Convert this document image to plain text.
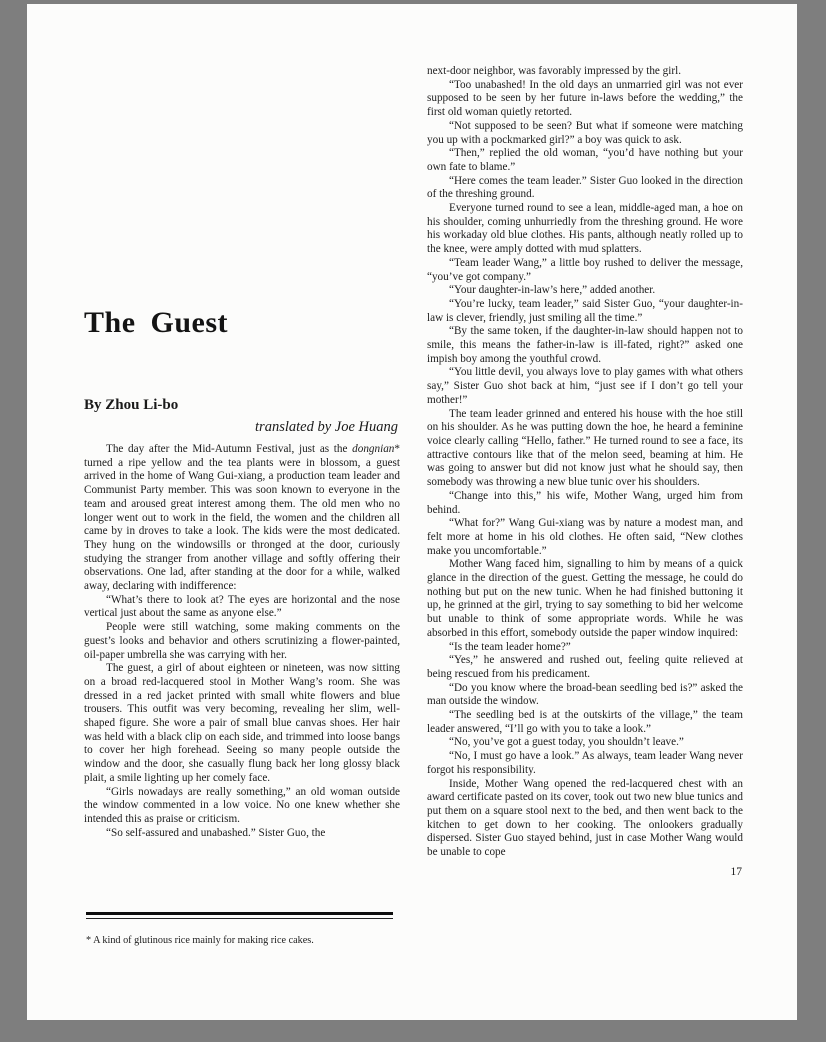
The Guest
By Zhou Li-bo
translated by Joe Huang

The day after the Mid-Autumn Festival, just as the dongnian* turned a ripe yellow and the tea plants were in blossom, a guest arrived in the home of Wang Gui-xiang, a production team leader and Communist Party member. This was soon known to everyone in the team and aroused great interest among them. The old men who no longer went out to work in the field, the women and the children all came by in droves to take a look. The kids were the most dedicated. They hung on the windowsills or thronged at the door, curiously studying the stranger from another village and softly offering their observations. One lad, after standing at the door for a while, walked away, declaring with indifference:

“What’s there to look at? The eyes are horizontal and the nose vertical just about the same as anyone else.”

People were still watching, some making comments on the guest’s looks and behavior and others scrutinizing a flower-painted, oil-paper umbrella she was carrying with her.

The guest, a girl of about eighteen or nineteen, was now sitting on a broad red-lacquered stool in Mother Wang’s room. She was dressed in a red jacket printed with small white flowers and blue trousers. This outfit was very becoming, revealing her slim, well-shaped figure. She wore a pair of small blue canvas shoes. Her hair was held with a black clip on each side, and trimmed into loose bangs to cover her high forehead. Seeing so many people outside the window and the door, she casually flung back her long glossy black plait, a smile lighting up her comely face.

“Girls nowadays are really something,” an old woman outside the window commented in a low voice. No one knew whether she intended this as praise or criticism.

“So self-assured and unabashed.” Sister Guo, the

* A kind of glutinous rice mainly for making rice cakes.

next-door neighbor, was favorably impressed by the girl.

“Too unabashed! In the old days an unmarried girl was not ever supposed to be seen by her future in-laws before the wedding,” the first old woman quietly retorted.

“Not supposed to be seen? But what if someone were matching you up with a pockmarked girl?” a boy was quick to ask.

“Then,” replied the old woman, “you’d have nothing but your own fate to blame.”

“Here comes the team leader.” Sister Guo looked in the direction of the threshing ground.

Everyone turned round to see a lean, middle-aged man, a hoe on his shoulder, coming unhurriedly from the threshing ground. He wore his workaday old blue clothes. His pants, although neatly rolled up to the knee, were amply dotted with mud splatters.

“Team leader Wang,” a little boy rushed to deliver the message, “you’ve got company.”

“Your daughter-in-law’s here,” added another.

“You’re lucky, team leader,” said Sister Guo, “your daughter-in-law is clever, friendly, just smiling all the time.”

“By the same token, if the daughter-in-law should happen not to smile, this means the father-in-law is ill-fated, right?” asked one impish boy among the youthful crowd.

“You little devil, you always love to play games with what others say,” Sister Guo shot back at him, “just see if I don’t go tell your mother!”

The team leader grinned and entered his house with the hoe still on his shoulder. As he was putting down the hoe, he heard a feminine voice clearly calling “Hello, father.” He turned round to see a face, its attractive contours like that of the melon seed, beaming at him. He was going to answer but did not know just what he should say, then somebody was throwing a new blue tunic over his shoulders.

“Change into this,” his wife, Mother Wang, urged him from behind.

“What for?” Wang Gui-xiang was by nature a modest man, and felt more at home in his old clothes. He often said, “New clothes make you uncomfortable.”

Mother Wang faced him, signalling to him by means of a quick glance in the direction of the guest. Getting the message, he could do nothing but put on the new tunic. When he had finished buttoning it up, he grinned at the girl, trying to say something to bid her welcome but unable to think of some appropriate words. While he was absorbed in this effort, somebody outside the paper window inquired:

“Is the team leader home?”

“Yes,” he answered and rushed out, feeling quite relieved at being rescued from his predicament.

“Do you know where the broad-bean seedling bed is?” asked the man outside the window.

“The seedling bed is at the outskirts of the village,” the team leader answered, “I’ll go with you to take a look.”

“No, you’ve got a guest today, you shouldn’t leave.”

“No, I must go have a look.” As always, team leader Wang never forgot his responsibility.

Inside, Mother Wang opened the red-lacquered chest with an award certificate pasted on its cover, took out two new blue tunics and put them on a square stool next to the bed, and then went back to the kitchen to get down to her cooking. The onlookers gradually dispersed. Sister Guo stayed behind, just in case Mother Wang would be unable to cope

17
